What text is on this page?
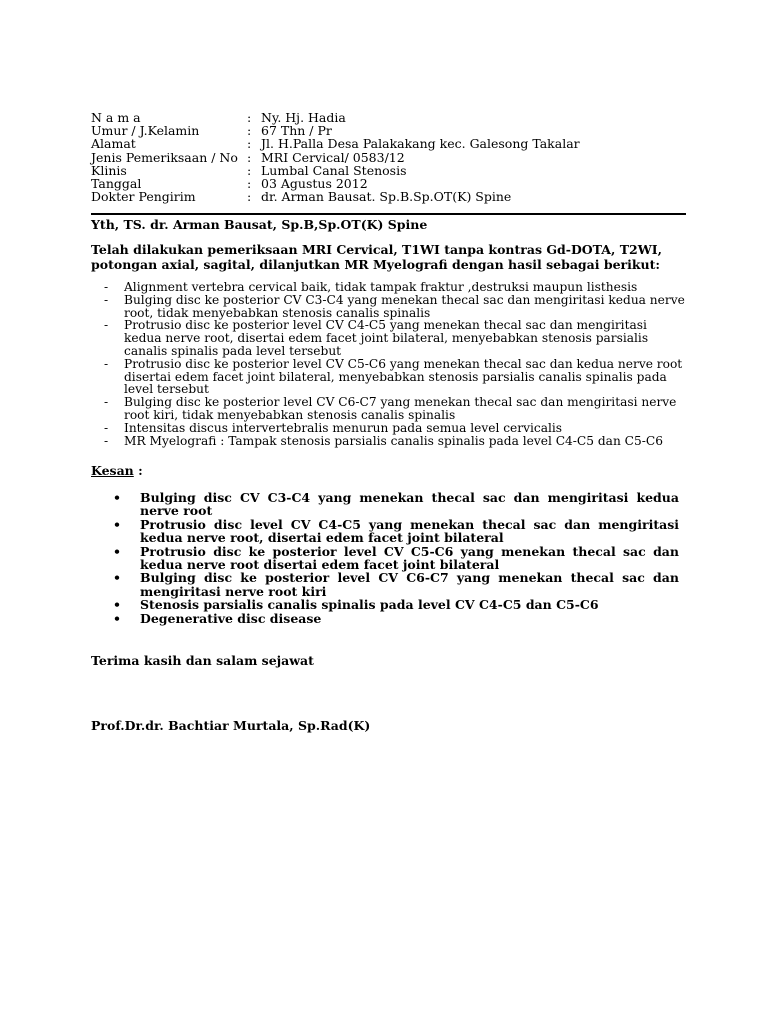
N a m a	: Ny. Hj. Hadia
Umur / J.Kelamin	: 67 Thn / Pr
Alamat	: Jl. H.Palla Desa Palakakang kec. Galesong Takalar
Jenis Pemeriksaan / No : MRI Cervical/ 0583/12
Klinis	: Lumbal Canal Stenosis
Tanggal	: 03 Agustus 2012
Dokter Pengirim	: dr. Arman Bausat. Sp.B.Sp.OT(K) Spine
Yth, TS. dr. Arman Bausat, Sp.B,Sp.OT(K) Spine
Telah dilakukan pemeriksaan MRI Cervical, T1WI tanpa kontras Gd-DOTA, T2WI, potongan axial, sagital, dilanjutkan MR Myelografi dengan hasil sebagai berikut:
-	Alignment vertebra cervical baik, tidak tampak fraktur ,destruksi maupun listhesis
-	Bulging disc ke posterior CV C3-C4 yang menekan thecal sac dan mengiritasi kedua nerve root, tidak menyebabkan stenosis canalis spinalis
-	Protrusio disc ke posterior level CV C4-C5 yang menekan thecal sac dan mengiritasi kedua nerve root, disertai edem facet joint bilateral, menyebabkan stenosis parsialis canalis spinalis pada level tersebut
-	Protrusio disc ke posterior level CV C5-C6 yang menekan thecal sac dan kedua nerve root disertai edem facet joint bilateral, menyebabkan stenosis parsialis canalis spinalis pada level tersebut
-	Bulging disc ke posterior level CV C6-C7 yang menekan thecal sac dan mengiritasi nerve root kiri, tidak menyebabkan stenosis canalis spinalis
-	Intensitas discus intervertebralis menurun pada semua level cervicalis
-	MR Myelografi : Tampak stenosis parsialis canalis spinalis pada level C4-C5 dan C5-C6
Kesan :
•	Bulging disc CV C3-C4 yang menekan thecal sac dan mengiritasi kedua nerve root
•	Protrusio disc level CV C4-C5 yang menekan thecal sac dan mengiritasi kedua nerve root, disertai edem facet joint bilateral
•	Protrusio disc ke posterior level CV C5-C6 yang menekan thecal sac dan kedua nerve root disertai edem facet joint bilateral
•	Bulging disc ke posterior level CV C6-C7 yang menekan thecal sac dan mengiritasi nerve root kiri
•	Stenosis parsialis canalis spinalis pada level CV C4-C5 dan C5-C6
•	Degenerative disc disease
Terima kasih dan salam sejawat
Prof.Dr.dr. Bachtiar Murtala, Sp.Rad(K)
